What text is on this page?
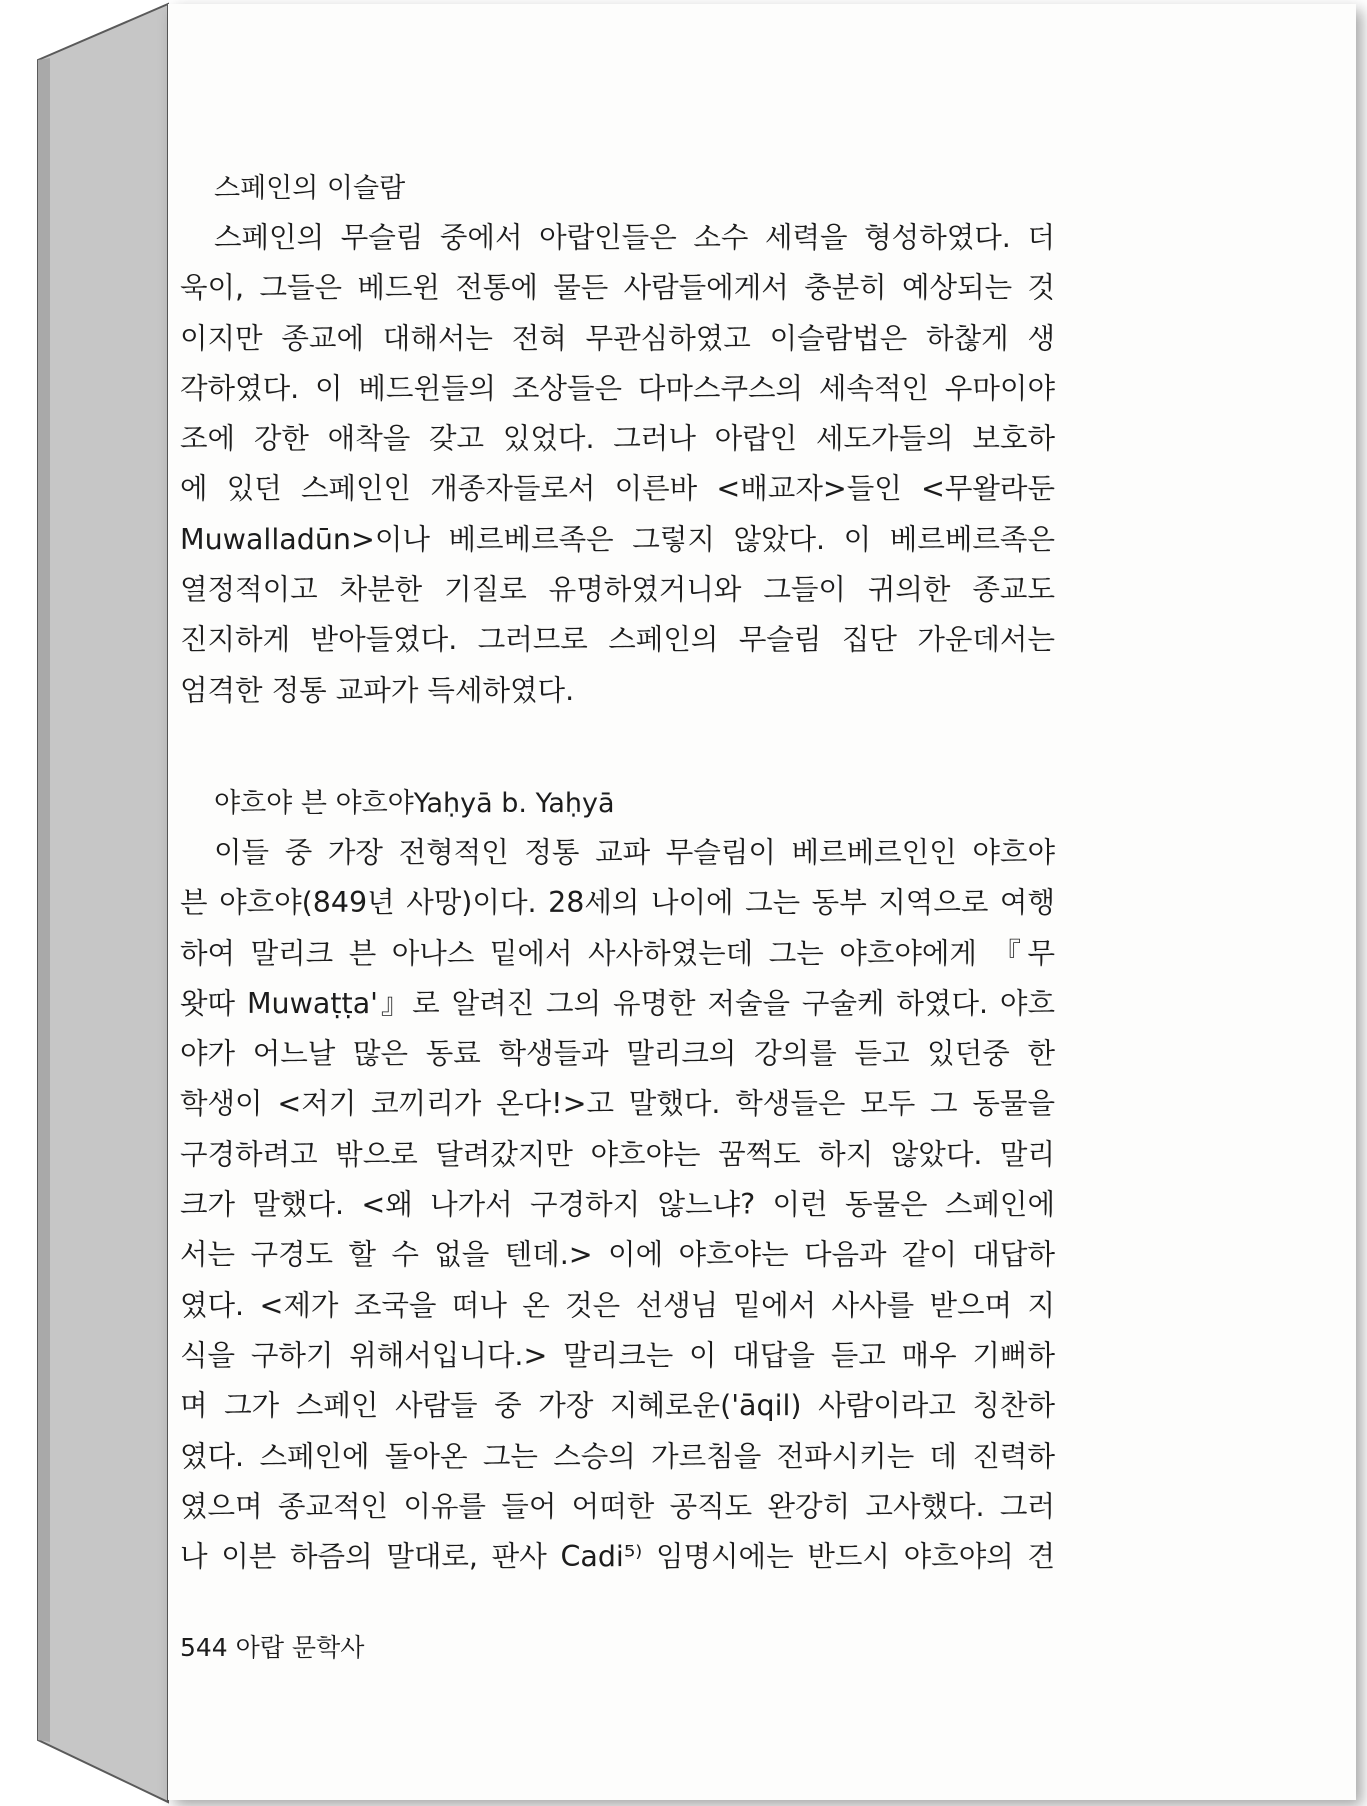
스페인의 이슬람

스페인의 무슬림 중에서 아랍인들은 소수 세력을 형성하였다. 더
욱이, 그들은 베드윈 전통에 물든 사람들에게서 충분히 예상되는 것
이지만 종교에 대해서는 전혀 무관심하였고 이슬람법은 하찮게 생
각하였다. 이 베드윈들의 조상들은 다마스쿠스의 세속적인 우마이야
조에 강한 애착을 갖고 있었다. 그러나 아랍인 세도가들의 보호하
에 있던 스페인인 개종자들로서 이른바 <배교자>들인 <무왈라둔
Muwalladūn>이나 베르베르족은 그렇지 않았다. 이 베르베르족은
열정적이고 차분한 기질로 유명하였거니와 그들이 귀의한 종교도
진지하게 받아들였다. 그러므로 스페인의 무슬림 집단 가운데서는
엄격한 정통 교파가 득세하였다.

야흐야 븐 야흐야Yaḥyā b. Yaḥyā

이들 중 가장 전형적인 정통 교파 무슬림이 베르베르인인 야흐야
븐 야흐야(849년 사망)이다. 28세의 나이에 그는 동부 지역으로 여행
하여 말리크 븐 아나스 밑에서 사사하였는데 그는 야흐야에게 『무
왓따 Muwaṭṭa'』로 알려진 그의 유명한 저술을 구술케 하였다. 야흐
야가 어느날 많은 동료 학생들과 말리크의 강의를 듣고 있던중 한
학생이 <저기 코끼리가 온다!>고 말했다. 학생들은 모두 그 동물을
구경하려고 밖으로 달려갔지만 야흐야는 꿈쩍도 하지 않았다. 말리
크가 말했다. <왜 나가서 구경하지 않느냐? 이런 동물은 스페인에
서는 구경도 할 수 없을 텐데.> 이에 야흐야는 다음과 같이 대답하
였다. <제가 조국을 떠나 온 것은 선생님 밑에서 사사를 받으며 지
식을 구하기 위해서입니다.> 말리크는 이 대답을 듣고 매우 기뻐하
며 그가 스페인 사람들 중 가장 지혜로운('āqil) 사람이라고 칭찬하
였다. 스페인에 돌아온 그는 스승의 가르침을 전파시키는 데 진력하
였으며 종교적인 이유를 들어 어떠한 공직도 완강히 고사했다. 그러
나 이븐 하즘의 말대로, 판사 Cadi⁵⁾ 임명시에는 반드시 야흐야의 견
544 아랍 문학사
